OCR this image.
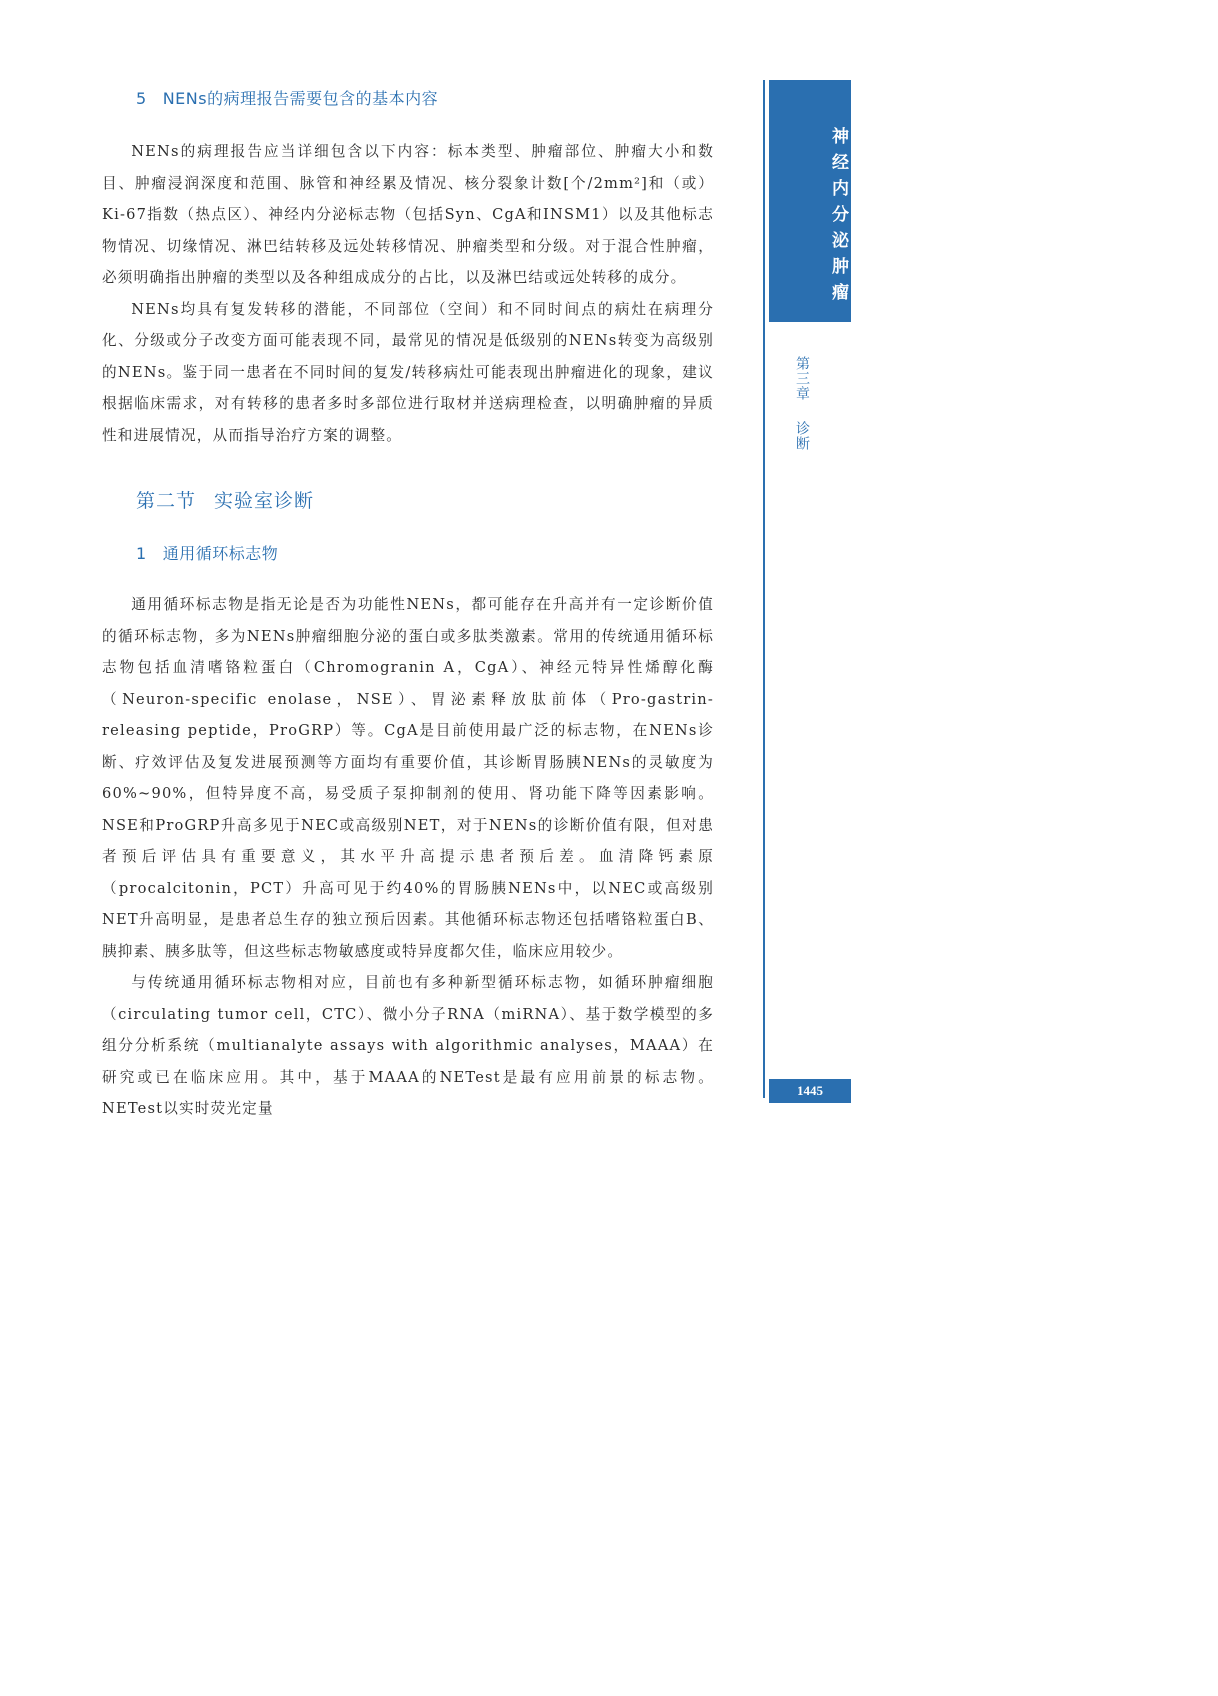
5 NENs的病理报告需要包含的基本内容

NENs的病理报告应当详细包含以下内容：标本类型、肿瘤部位、肿瘤大小和数目、肿瘤浸润深度和范围、脉管和神经累及情况、核分裂象计数[个/2mm²]和（或）Ki-67指数（热点区）、神经内分泌标志物（包括Syn、CgA和INSM1）以及其他标志物情况、切缘情况、淋巴结转移及远处转移情况、肿瘤类型和分级。对于混合性肿瘤，必须明确指出肿瘤的类型以及各种组成成分的占比，以及淋巴结或远处转移的成分。

NENs均具有复发转移的潜能，不同部位（空间）和不同时间点的病灶在病理分化、分级或分子改变方面可能表现不同，最常见的情况是低级别的NENs转变为高级别的NENs。鉴于同一患者在不同时间的复发/转移病灶可能表现出肿瘤进化的现象，建议根据临床需求，对有转移的患者多时多部位进行取材并送病理检查，以明确肿瘤的异质性和进展情况，从而指导治疗方案的调整。

第二节 实验室诊断
1 通用循环标志物

通用循环标志物是指无论是否为功能性NENs，都可能存在升高并有一定诊断价值的循环标志物，多为NENs肿瘤细胞分泌的蛋白或多肽类激素。常用的传统通用循环标志物包括血清嗜铬粒蛋白（Chromogranin A，CgA）、神经元特异性烯醇化酶（Neuron-specific enolase，NSE）、胃泌素释放肽前体（Pro-gastrin-releasing peptide，ProGRP）等。CgA是目前使用最广泛的标志物，在NENs诊断、疗效评估及复发进展预测等方面均有重要价值，其诊断胃肠胰NENs的灵敏度为60%~90%，但特异度不高，易受质子泵抑制剂的使用、肾功能下降等因素影响。NSE和ProGRP升高多见于NEC或高级别NET，对于NENs的诊断价值有限，但对患者预后评估具有重要意义，其水平升高提示患者预后差。血清降钙素原（procalcitonin，PCT）升高可见于约40%的胃肠胰NENs中，以NEC或高级别NET升高明显，是患者总生存的独立预后因素。其他循环标志物还包括嗜铬粒蛋白B、胰抑素、胰多肽等，但这些标志物敏感度或特异度都欠佳，临床应用较少。

与传统通用循环标志物相对应，目前也有多种新型循环标志物，如循环肿瘤细胞（circulating tumor cell，CTC）、微小分子RNA（miRNA）、基于数学模型的多组分分析系统（multianalyte assays with algorithmic analyses，MAAA）在研究或已在临床应用。其中，基于MAAA的NETest是最有应用前景的标志物。NETest以实时荧光定量

神经内分泌肿瘤
第三章诊断
1445
